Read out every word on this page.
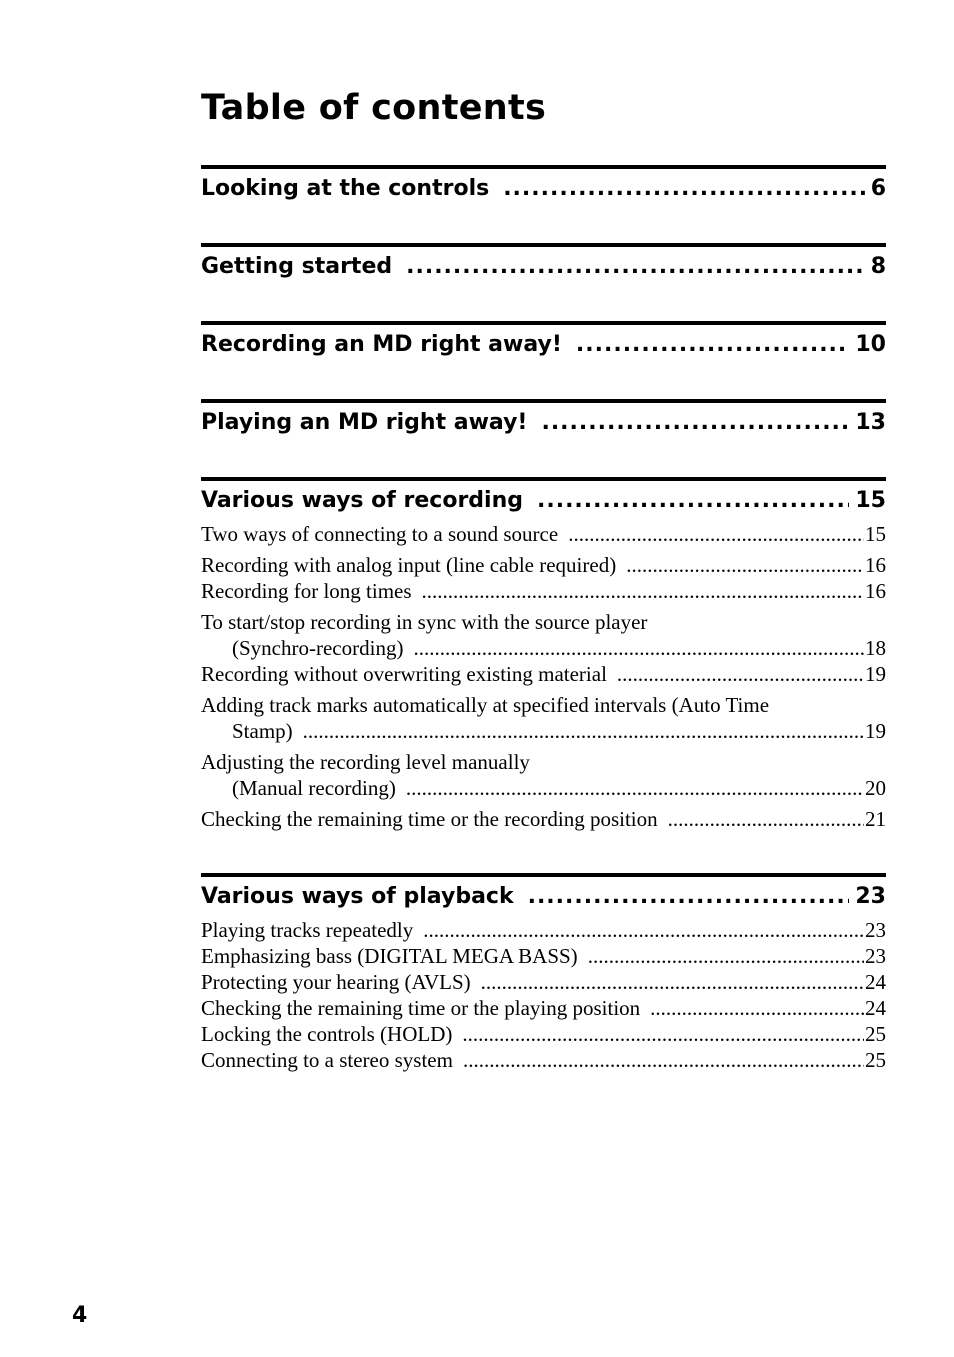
Table of contents
Looking at the controls .....	6
Getting started .....	8
Recording an MD right away! .....	10
Playing an MD right away! .....	13
Various ways of recording .....	15
Two ways of connecting to a sound source .....	15
Recording with analog input (line cable required) .....	16
Recording for long times .....	16
To start/stop recording in sync with the source player
(Synchro-recording) .....	18
Recording without overwriting existing material .....	19
Adding track marks automatically at specified intervals (Auto Time
Stamp) .....	19
Adjusting the recording level manually
(Manual recording) .....	20
Checking the remaining time or the recording position .....	21
Various ways of playback .....	23
Playing tracks repeatedly .....	23
Emphasizing bass (DIGITAL MEGA BASS) .....	23
Protecting your hearing (AVLS) .....	24
Checking the remaining time or the playing position .....	24
Locking the controls (HOLD) .....	25
Connecting to a stereo system .....	25
4
